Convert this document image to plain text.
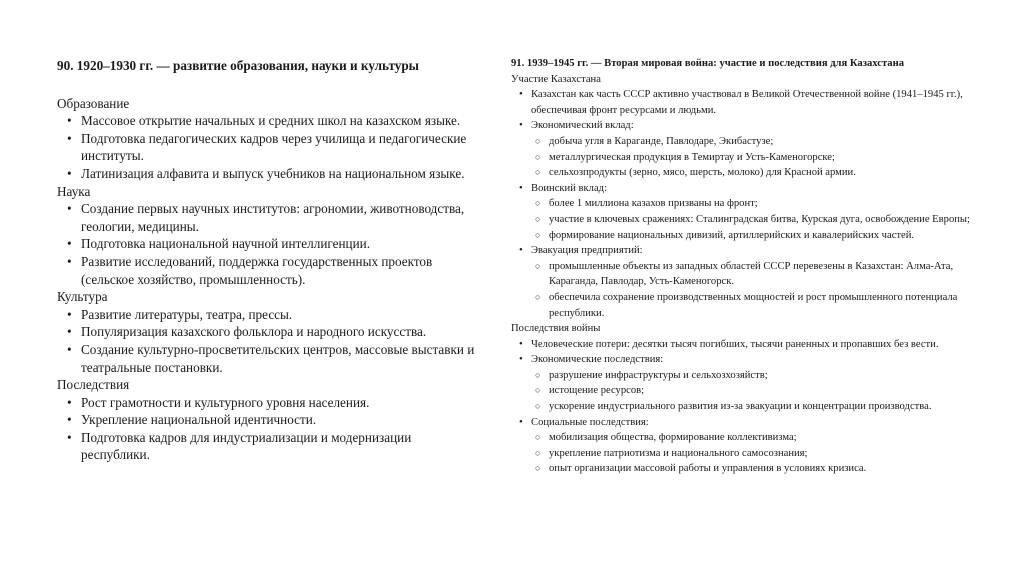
90. 1920–1930 гг. — развитие образования, науки и культуры
Образование
• Массовое открытие начальных и средних школ на казахском языке.
• Подготовка педагогических кадров через училища и педагогические институты.
• Латинизация алфавита и выпуск учебников на национальном языке.
Наука
• Создание первых научных институтов: агрономии, животноводства, геологии, медицины.
• Подготовка национальной научной интеллигенции.
• Развитие исследований, поддержка государственных проектов (сельское хозяйство, промышленность).
Культура
• Развитие литературы, театра, прессы.
• Популяризация казахского фольклора и народного искусства.
• Создание культурно-просветительских центров, массовые выставки и театральные постановки.
Последствия
• Рост грамотности и культурного уровня населения.
• Укрепление национальной идентичности.
• Подготовка кадров для индустриализации и модернизации республики.
91. 1939–1945 гг. — Вторая мировая война: участие и последствия для Казахстана
Участие Казахстана
• Казахстан как часть СССР активно участвовал в Великой Отечественной войне (1941–1945 гг.), обеспечивая фронт ресурсами и людьми.
• Экономический вклад:
○ добыча угля в Караганде, Павлодаре, Экибастузе;
○ металлургическая продукция в Темиртау и Усть-Каменогорске;
○ сельхозпродукты (зерно, мясо, шерсть, молоко) для Красной армии.
• Воинский вклад:
○ более 1 миллиона казахов призваны на фронт;
○ участие в ключевых сражениях: Сталинградская битва, Курская дуга, освобождение Европы;
○ формирование национальных дивизий, артиллерийских и кавалерийских частей.
• Эвакуация предприятий:
○ промышленные объекты из западных областей СССР перевезены в Казахстан: Алма-Ата, Караганда, Павлодар, Усть-Каменогорск.
○ обеспечила сохранение производственных мощностей и рост промышленного потенциала республики.
Последствия войны
• Человеческие потери: десятки тысяч погибших, тысячи раненных и пропавших без вести.
• Экономические последствия:
○ разрушение инфраструктуры и сельхозхозяйств;
○ истощение ресурсов;
○ ускорение индустриального развития из-за эвакуации и концентрации производства.
• Социальные последствия:
○ мобилизация общества, формирование коллективизма;
○ укрепление патриотизма и национального самосознания;
○ опыт организации массовой работы и управления в условиях кризиса.
